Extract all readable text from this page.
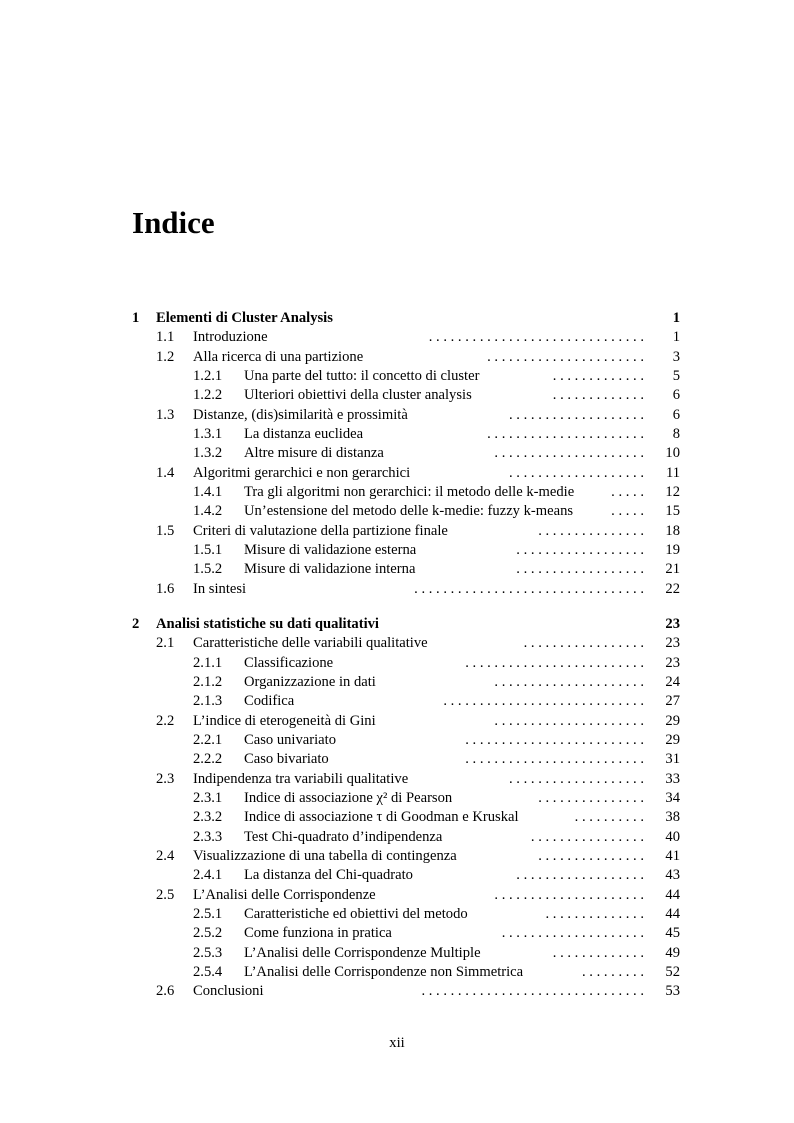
Indice
1 Elementi di Cluster Analysis	1
1.1 Introduzione	1
. . . . . . . . . . . . . . . . . . . . . . . . . . . . . .
1.2 Alla ricerca di una partizione	3
. . . . . . . . . . . . . . . . . . . . . .
1.2.1 Una parte del tutto: il concetto di cluster	5
. . . . . . . . . . . . .
1.2.2 Ulteriori obiettivi della cluster analysis	6
. . . . . . . . . . . . .
1.3 Distanze, (dis)similarità e prossimità	6
. . . . . . . . . . . . . . . . . . .
1.3.1 La distanza euclidea	8
. . . . . . . . . . . . . . . . . . . . . .
1.3.2 Altre misure di distanza	10
. . . . . . . . . . . . . . . . . . . . .
1.4 Algoritmi gerarchici e non gerarchici	11
. . . . . . . . . . . . . . . . . . .
1.4.1 Tra gli algoritmi non gerarchici: il metodo delle k-medie	12
. . . . .
1.4.2 Un’estensione del metodo delle k-medie: fuzzy k-means	15
. . . . .
1.5 Criteri di valutazione della partizione finale	18
. . . . . . . . . . . . . . .
1.5.1 Misure di validazione esterna	19
. . . . . . . . . . . . . . . . . .
1.5.2 Misure di validazione interna	21
. . . . . . . . . . . . . . . . . .
1.6 In sintesi	22
. . . . . . . . . . . . . . . . . . . . . . . . . . . . . . . .
2 Analisi statistiche su dati qualitativi	23
2.1 Caratteristiche delle variabili qualitative	23
. . . . . . . . . . . . . . . . .
2.1.1 Classificazione	23
. . . . . . . . . . . . . . . . . . . . . . . . .
2.1.2 Organizzazione in dati	24
. . . . . . . . . . . . . . . . . . . . .
2.1.3 Codifica	27
. . . . . . . . . . . . . . . . . . . . . . . . . . . .
2.2 L’indice di eterogeneità di Gini	29
. . . . . . . . . . . . . . . . . . . . .
2.2.1 Caso univariato	29
. . . . . . . . . . . . . . . . . . . . . . . . .
2.2.2 Caso bivariato	31
. . . . . . . . . . . . . . . . . . . . . . . . .
2.3 Indipendenza tra variabili qualitative	33
. . . . . . . . . . . . . . . . . . .
2.3.1 Indice di associazione χ² di Pearson	34
. . . . . . . . . . . . . . .
2.3.2 Indice di associazione τ di Goodman e Kruskal	38
. . . . . . . . . .
2.3.3 Test Chi-quadrato d’indipendenza	40
. . . . . . . . . . . . . . . .
2.4 Visualizzazione di una tabella di contingenza	41
. . . . . . . . . . . . . . .
2.4.1 La distanza del Chi-quadrato	43
. . . . . . . . . . . . . . . . . .
2.5 L’Analisi delle Corrispondenze	44
. . . . . . . . . . . . . . . . . . . . .
2.5.1 Caratteristiche ed obiettivi del metodo	44
. . . . . . . . . . . . . .
2.5.2 Come funziona in pratica	45
. . . . . . . . . . . . . . . . . . . .
2.5.3 L’Analisi delle Corrispondenze Multiple	49
. . . . . . . . . . . . .
2.5.4 L’Analisi delle Corrispondenze non Simmetrica	52
. . . . . . . . .
2.6 Conclusioni	53
. . . . . . . . . . . . . . . . . . . . . . . . . . . . . . .
xii
